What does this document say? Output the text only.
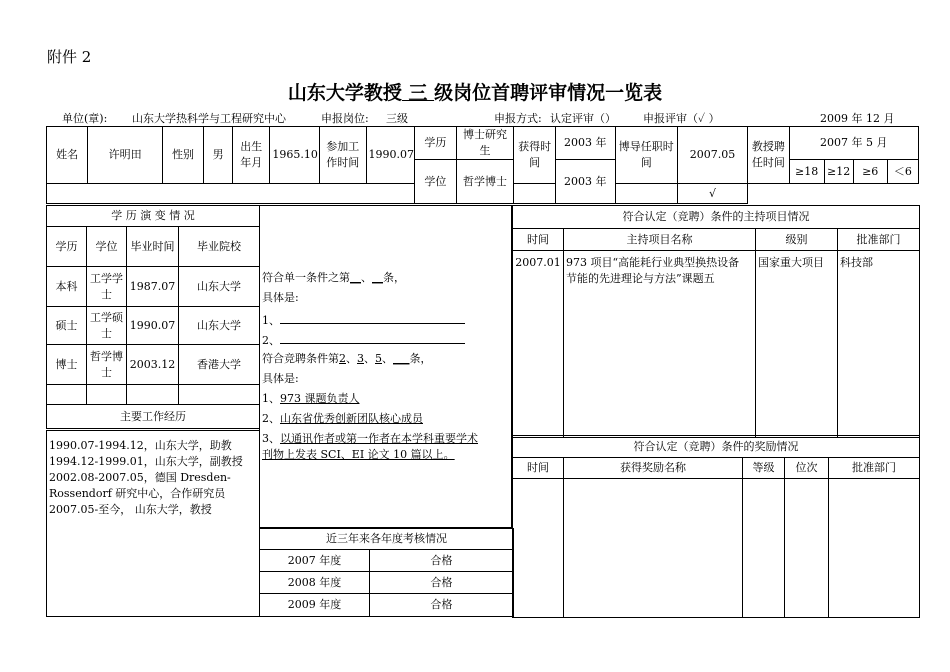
附件 2
山东大学教授 三 级岗位首聘评审情况一览表
单位(章): 山东大学热科学与工程研究中心	申报岗位: 三级	申报方式: 认定评审（） 申报评审（✓ ）	2009 年 12 月
姓名	许明田	性别	男	出生年月	1965.10	参加工作时间	1990.07	学历	博士研究生	获得时间	2003 年	博导任职时间	2007.05	教授聘任时间	2007 年 5 月			
								学位	哲学博士		2003 年				≥18	≥12	≥6	＜6
													√					
学 历 演 变 情 况			
学历	学位	毕业时间	毕业院校
本科	工学学士	1987.07	山东大学
硕士	工学硕士	1990.07	山东大学
博士	哲学博士	2003.12	香港大学

主要工作经历			
1990.07-1994.12，山东大学，助教
1994.12-1999.01，山东大学，副教授
2002.08-2007.05，德国 Dresden-
Rossendorf 研究中心，合作研究员
2007.05-至今， 山东大学，教授
符合单一条件之第__、__条，
具体是:
1、
2、
符合竞聘条件第2、3、5、___条，
具体是:
1、973 课题负责人
2、山东省优秀创新团队核心成员
3、以通讯作者或第一作者在本学科重要学术
刊物上发表 SCI、EI 论文 10 篇以上。
近三年来各年度考核情况	
2007 年度	合格
2008 年度	合格
2009 年度	合格
符合认定（竞聘）条件的主持项目情况			
时间	主持项目名称	级别	批准部门
2007.01	973 项目“高能耗行业典型换热设备
节能的先进理论与方法”课题五	国家重大项目	科技部
符合认定（竞聘）条件的奖励情况				
时间	获得奖励名称	等级	位次	批准部门
